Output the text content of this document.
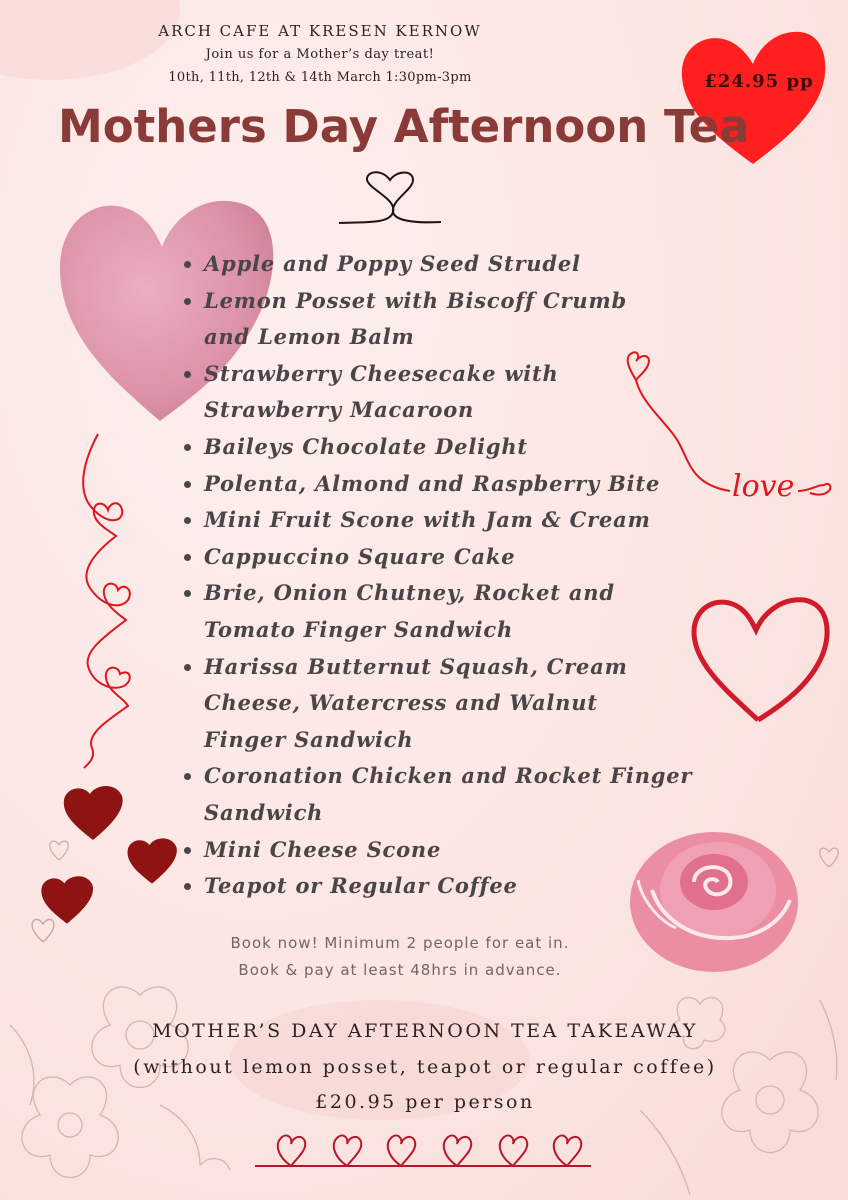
ARCH CAFE AT KRESEN KERNOW
Join us for a Mother’s day treat!
10th, 11th, 12th & 14th March 1:30pm-3pm	£24.95 pp
Mothers Day Afternoon Tea
love
Apple and Poppy Seed Strudel
Lemon Posset with Biscoff Crumb and Lemon Balm
Strawberry Cheesecake with Strawberry Macaroon
Baileys Chocolate Delight
Polenta, Almond and Raspberry Bite
Mini Fruit Scone with Jam & Cream
Cappuccino Square Cake
Brie, Onion Chutney, Rocket and Tomato Finger Sandwich
Harissa Butternut Squash, Cream Cheese, Watercress and Walnut Finger Sandwich
Coronation Chicken and Rocket Finger Sandwich
Mini Cheese Scone
Teapot or Regular Coffee
Book now! Minimum 2 people for eat in.
Book & pay at least 48hrs in advance.
MOTHER’S DAY AFTERNOON TEA TAKEAWAY
(without lemon posset, teapot or regular coffee)
£20.95 per person
